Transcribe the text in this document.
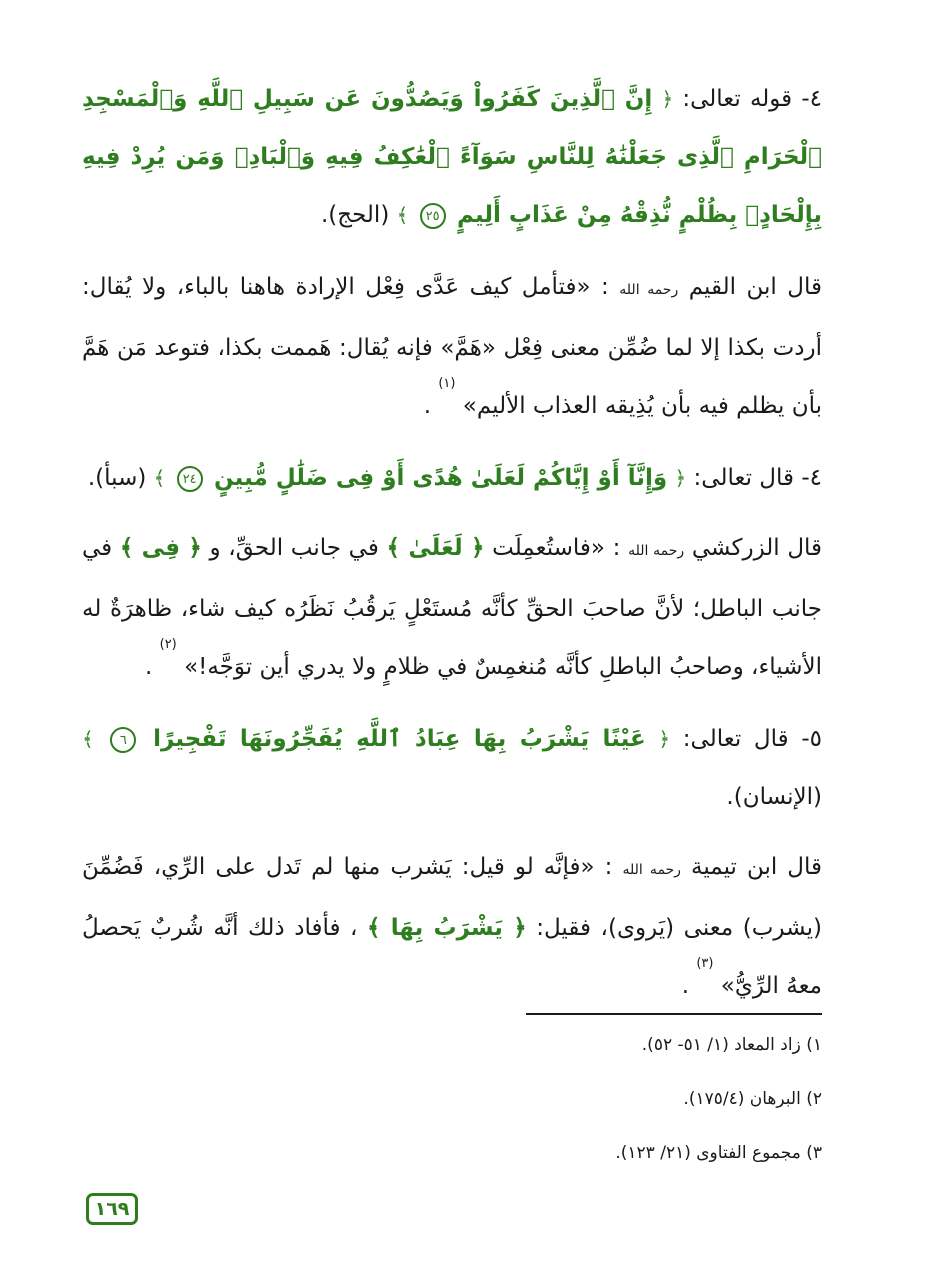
٤- قوله تعالى: ﴿ إِنَّ ٱلَّذِينَ كَفَرُواْ وَيَصُدُّونَ عَن سَبِيلِ ٱللَّهِ وَٱلْمَسْجِدِ ٱلْحَرَامِ ٱلَّذِى جَعَلْنَٰهُ لِلنَّاسِ سَوَآءً ٱلْعَٰكِفُ فِيهِ وَٱلْبَادِۚ وَمَن يُرِدْ فِيهِ بِإِلْحَادٍۭ بِظُلْمٍ نُّذِقْهُ مِنْ عَذَابٍ أَلِيمٍ ٢٥ ﴾ (الحج).

قال ابن القيم رحمه الله : «فتأمل كيف عَدَّى فِعْل الإرادة هاهنا بالباء، ولا يُقال: أردت بكذا إلا لما ضُمِّن معنى فِعْل «هَمَّ» فإنه يُقال: هَممت بكذا، فتوعد مَن هَمَّ بأن يظلم فيه بأن يُذِيقه العذاب الأليم» $^{(١)}$ .

٤- قال تعالى: ﴿ وَإِنَّآ أَوْ إِيَّاكُمْ لَعَلَىٰ هُدًى أَوْ فِى ضَلَٰلٍ مُّبِينٍ ٢٤ ﴾ (سبأ).

قال الزركشي رحمه الله : «فاستُعمِلَت ﴿ لَعَلَىٰ ﴾ في جانب الحقِّ، و ﴿ فِى ﴾ في جانب الباطل؛ لأنَّ صاحبَ الحقِّ كأنَّه مُستَعْلٍ يَرقُبُ نَظَرُه كيف شاء، ظاهرَةٌ له الأشياء، وصاحبُ الباطلِ كأنَّه مُنغمِسٌ في ظلامٍ ولا يدري أين توَجَّه!» $^{(٢)}$ .

٥- قال تعالى: ﴿ عَيْنًا يَشْرَبُ بِهَا عِبَادُ ٱللَّهِ يُفَجِّرُونَهَا تَفْجِيرًا ٦ ﴾ (الإنسان).

قال ابن تيمية رحمه الله : «فإنَّه لو قيل: يَشرب منها لم تَدل على الرِّي، فَضُمِّنَ (يشرب) معنى (يَروى)، فقيل: ﴿ يَشْرَبُ بِهَا ﴾ ، فأفاد ذلك أنَّه شُربٌ يَحصلُ معهُ الرِّيُّ» $^{(٣)}$ .

١) زاد المعاد (١/ ٥١- ٥٢).

٢) البرهان (١٧٥/٤).

٣) مجموع الفتاوى (٢١/ ١٢٣).

١٦٩
